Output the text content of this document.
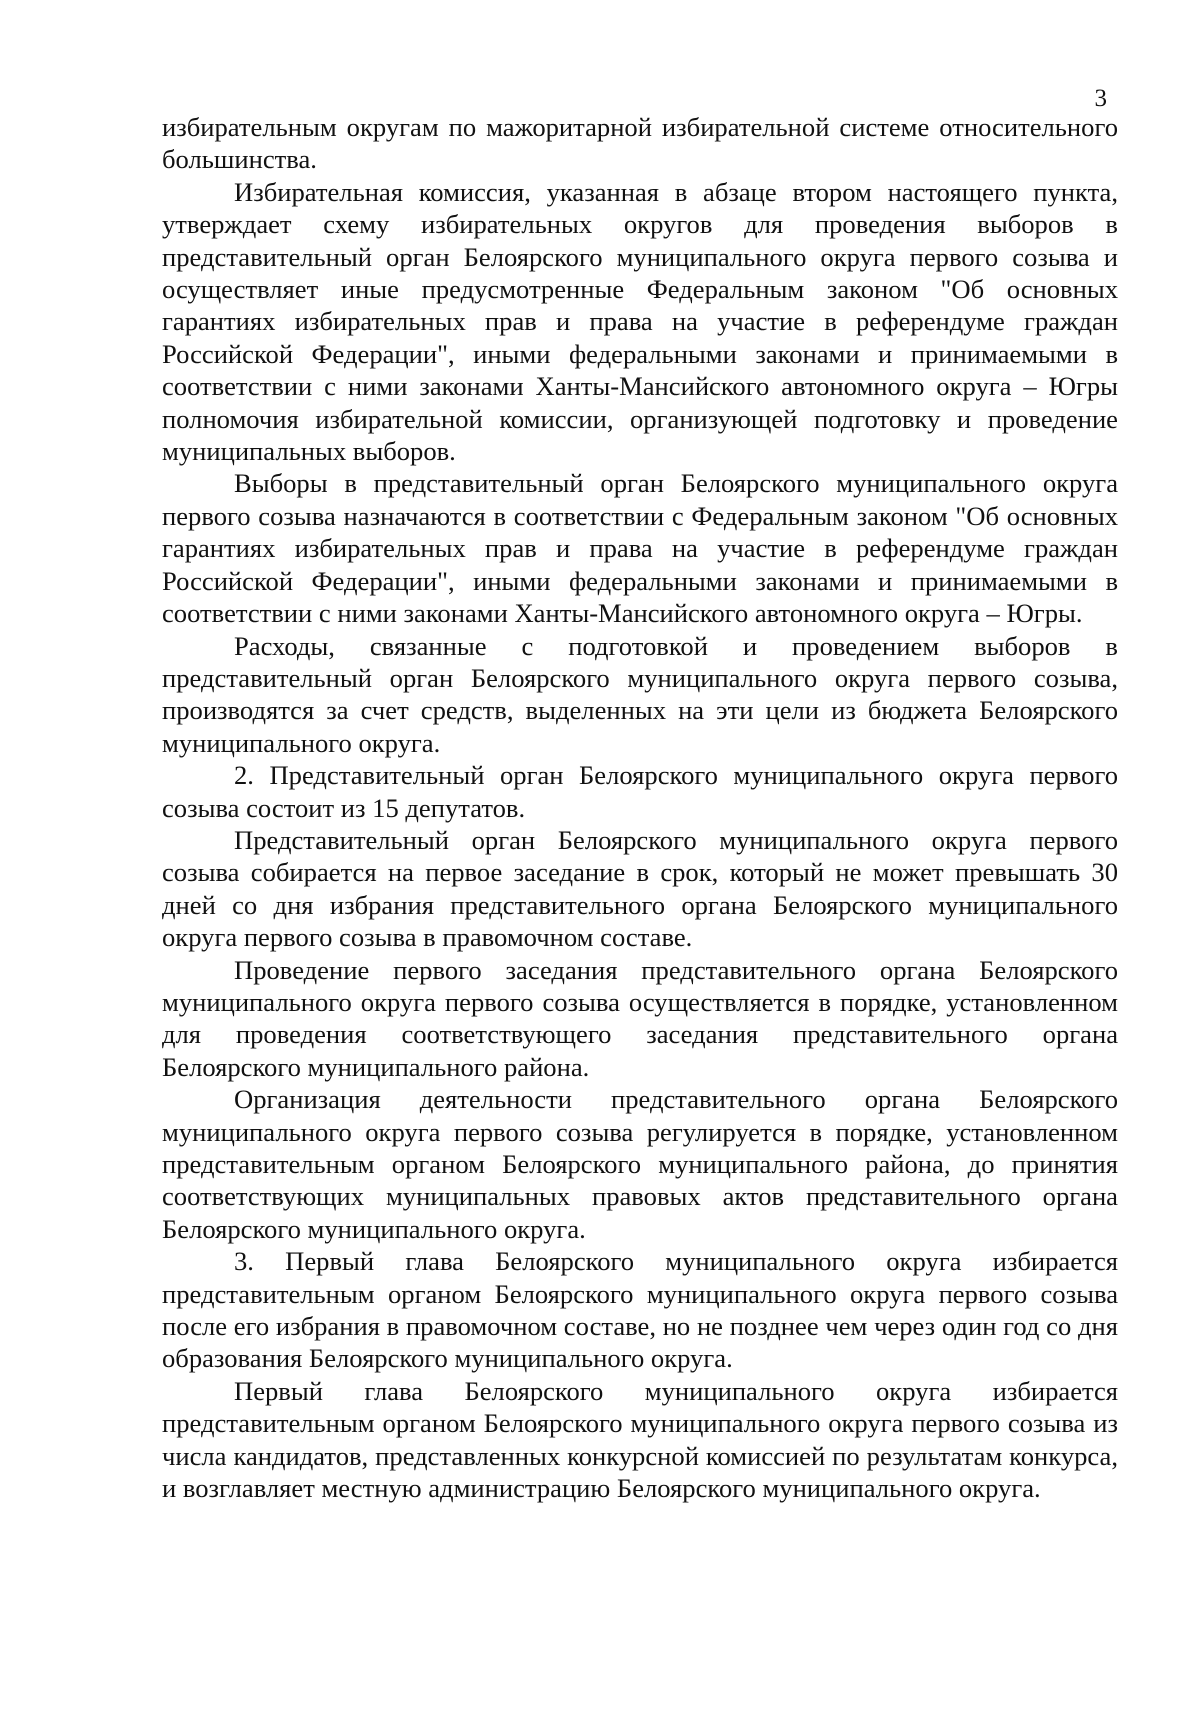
3

избирательным округам по мажоритарной избирательной системе относительного большинства.

Избирательная комиссия, указанная в абзаце втором настоящего пункта, утверждает схему избирательных округов для проведения выборов в представительный орган Белоярского муниципального округа первого созыва и осуществляет иные предусмотренные Федеральным законом "Об основных гарантиях избирательных прав и права на участие в референдуме граждан Российской Федерации", иными федеральными законами и принимаемыми в соответствии с ними законами Ханты-Мансийского автономного округа – Югры полномочия избирательной комиссии, организующей подготовку и проведение муниципальных выборов.

Выборы в представительный орган Белоярского муниципального округа первого созыва назначаются в соответствии с Федеральным законом "Об основных гарантиях избирательных прав и права на участие в референдуме граждан Российской Федерации", иными федеральными законами и принимаемыми в соответствии с ними законами Ханты-Мансийского автономного округа – Югры.

Расходы, связанные с подготовкой и проведением выборов в представительный орган Белоярского муниципального округа первого созыва, производятся за счет средств, выделенных на эти цели из бюджета Белоярского муниципального округа.

2. Представительный орган Белоярского муниципального округа первого созыва состоит из 15 депутатов.

Представительный орган Белоярского муниципального округа первого созыва собирается на первое заседание в срок, который не может превышать 30 дней со дня избрания представительного органа Белоярского муниципального округа первого созыва в правомочном составе.

Проведение первого заседания представительного органа Белоярского муниципального округа первого созыва осуществляется в порядке, установленном для проведения соответствующего заседания представительного органа Белоярского муниципального района.

Организация деятельности представительного органа Белоярского муниципального округа первого созыва регулируется в порядке, установленном представительным органом Белоярского муниципального района, до принятия соответствующих муниципальных правовых актов представительного органа Белоярского муниципального округа.

3. Первый глава Белоярского муниципального округа избирается представительным органом Белоярского муниципального округа первого созыва после его избрания в правомочном составе, но не позднее чем через один год со дня образования Белоярского муниципального округа.

Первый глава Белоярского муниципального округа избирается представительным органом Белоярского муниципального округа первого созыва из числа кандидатов, представленных конкурсной комиссией по результатам конкурса, и возглавляет местную администрацию Белоярского муниципального округа.
